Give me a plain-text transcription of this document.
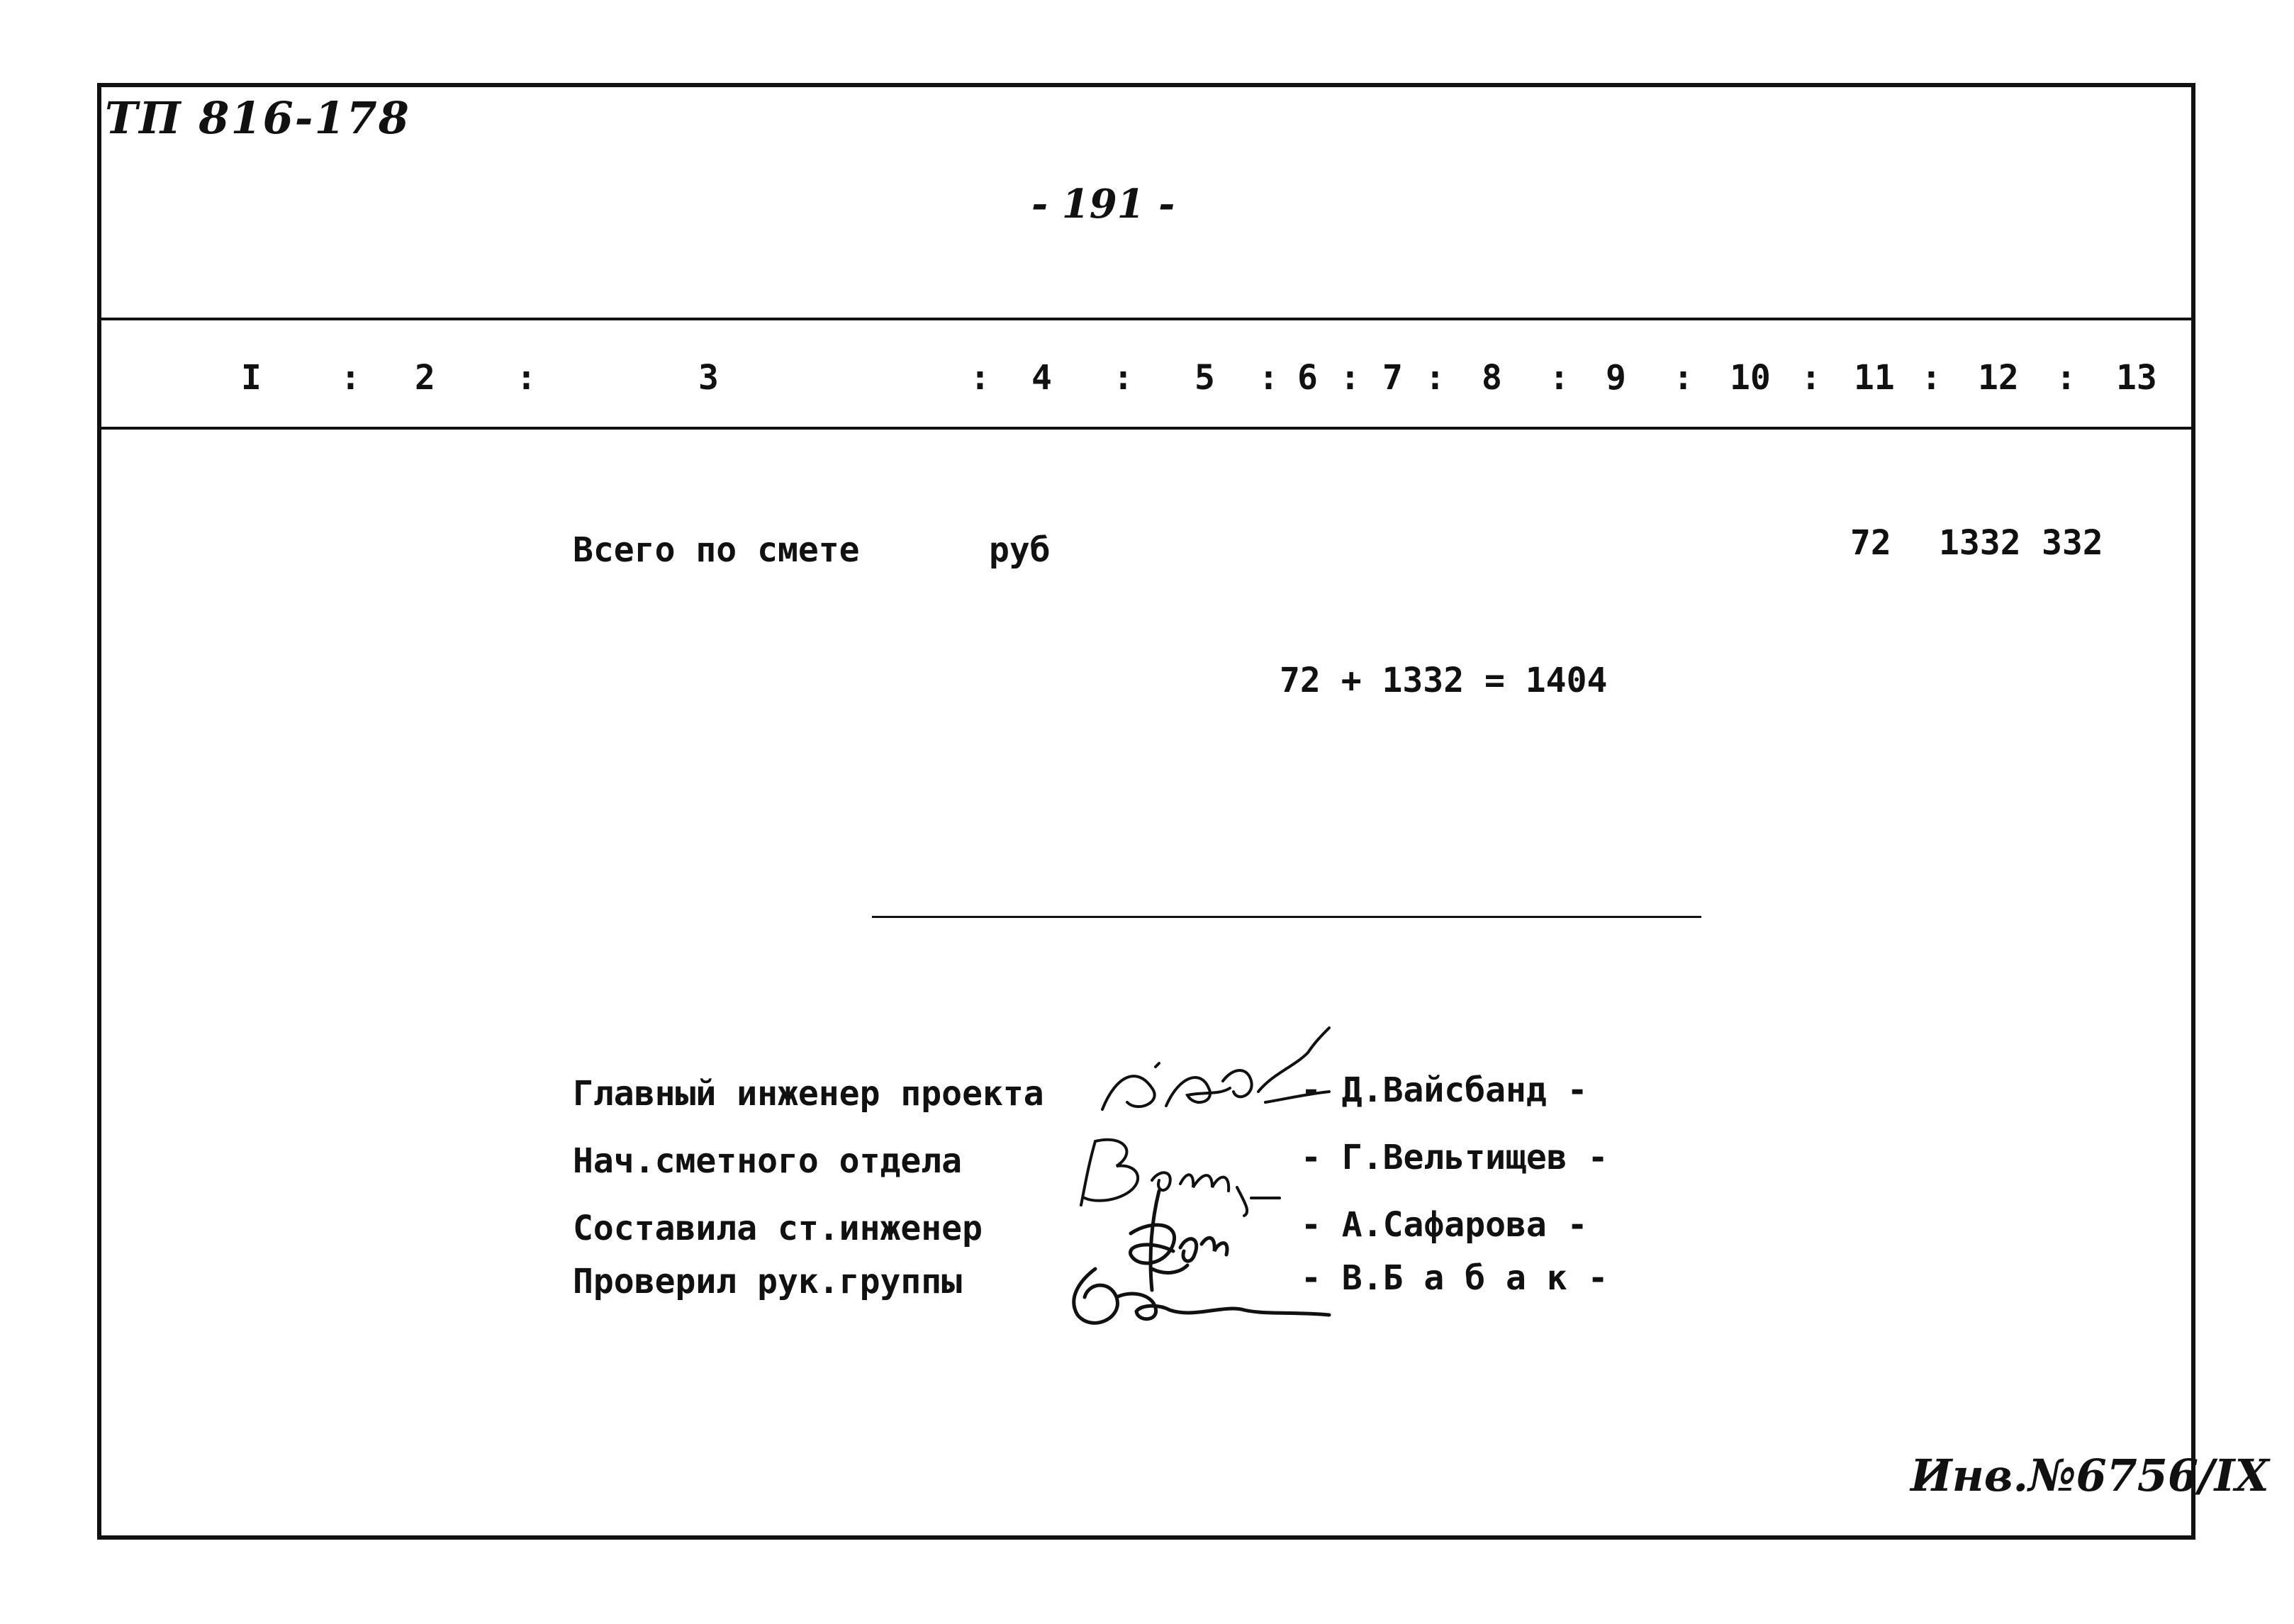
ТП 816-178
- 191 -
I : 2 :	3	: 4 : 5 : 6 : 7 : 8 : 9 : 10 : 11 : 12 : 13
Всего по смете	руб	72 1332 332
72 + 1332 = 1404
Главный инженер проекта	- Д.Вайсбанд -
Нач.сметного отдела	- Г.Вельтищев -
Составила ст.инженер	- А.Сафарова -
Проверил рук.группы	- В.Б а б а к -
Инв.№6756/IX
